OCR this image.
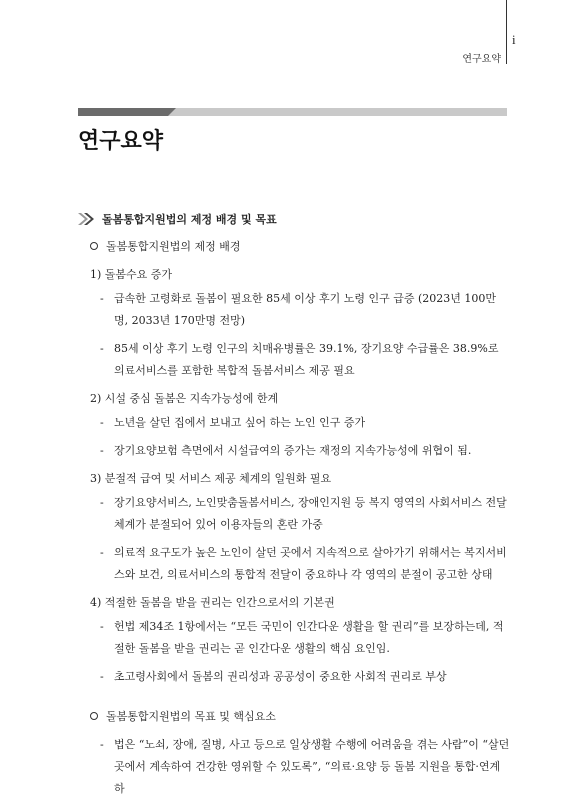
i
연구요약
연구요약
돌봄통합지원법의 제정 배경 및 목표
돌봄통합지원법의 제정 배경
1) 돌봄수요 증가
- 급속한 고령화로 돌봄이 필요한 85세 이상 후기 노령 인구 급증 (2023년 100만명, 2033년 170만명 전망)
- 85세 이상 후기 노령 인구의 치매유병률은 39.1%, 장기요양 수급률은 38.9%로 의료서비스를 포함한 복합적 돌봄서비스 제공 필요
2) 시설 중심 돌봄은 지속가능성에 한계
- 노년을 살던 집에서 보내고 싶어 하는 노인 인구 증가
- 장기요양보험 측면에서 시설급여의 증가는 재정의 지속가능성에 위협이 됨.
3) 분절적 급여 및 서비스 제공 체계의 일원화 필요
- 장기요양서비스, 노인맞춤돌봄서비스, 장애인지원 등 복지 영역의 사회서비스 전달체계가 분절되어 있어 이용자들의 혼란 가중
- 의료적 요구도가 높은 노인이 살던 곳에서 지속적으로 살아가기 위해서는 복지서비스와 보건, 의료서비스의 통합적 전달이 중요하나 각 영역의 분절이 공고한 상태
4) 적절한 돌봄을 받을 권리는 인간으로서의 기본권
- 헌법 제34조 1항에서는 “모든 국민이 인간다운 생활을 할 권리”를 보장하는데, 적절한 돌봄을 받을 권리는 곧 인간다운 생활의 핵심 요인임.
- 초고령사회에서 돌봄의 권리성과 공공성이 중요한 사회적 권리로 부상
돌봄통합지원법의 목표 및 핵심요소
- 법은 “노쇠, 장애, 질병, 사고 등으로 일상생활 수행에 어려움을 겪는 사람”이 “살던 곳에서 계속하여 건강한 영위할 수 있도록”, “의료·요양 등 돌봄 지원을 통합·연계하
